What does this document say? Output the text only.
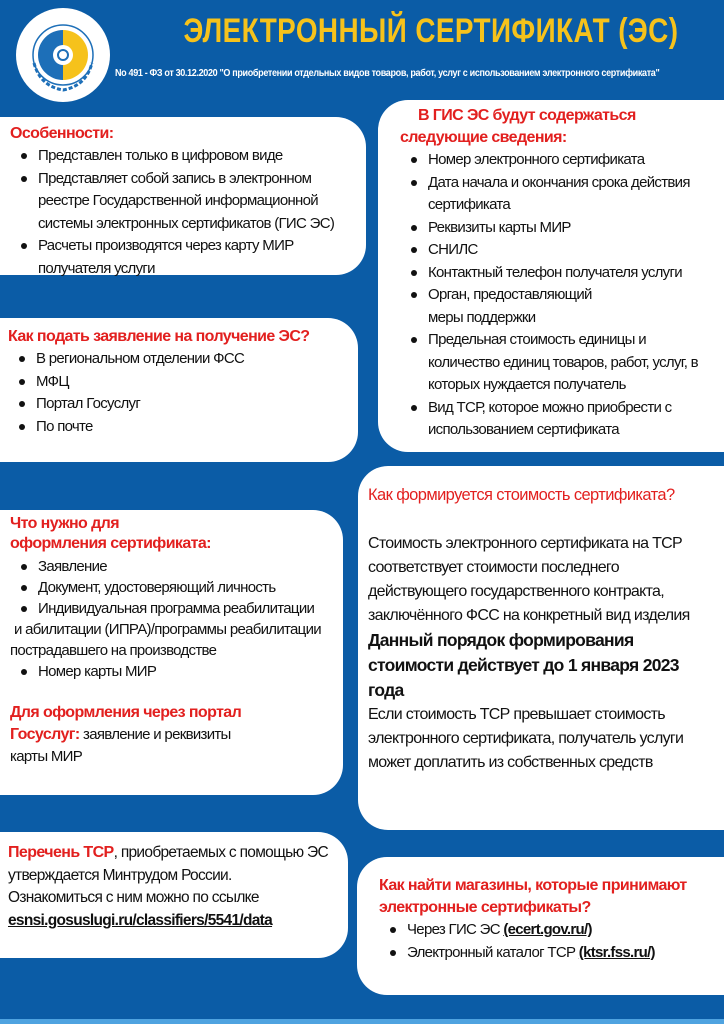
ЭЛЕКТРОННЫЙ СЕРТИФИКАТ (ЭС)
No 491 - ФЗ от 30.12.2020 "О приобретении отдельных видов товаров, работ, услуг с использованием электронного сертификата"
Особенности:
Представлен только в цифровом виде
Представляет собой запись в электронном реестре Государственной информационной системы электронных сертификатов (ГИС ЭС)
Расчеты производятся через карту МИР получателя услуги
В ГИС ЭС будут содержаться
следующие сведения:
Номер электронного сертификата
Дата начала и окончания срока действия сертификата
Реквизиты карты МИР
СНИЛС
Контактный телефон получателя услуги
Орган, предоставляющий меры поддержки
Предельная стоимость единицы и количество единиц товаров, работ, услуг, в которых нуждается получатель
Вид ТСР, которое можно приобрести с использованием сертификата
Как подать заявление на получение ЭС?
В региональном отделении ФСС
МФЦ
Портал Госуслуг
По почте
Как формируется стоимость сертификата?
Стоимость электронного сертификата на ТСР соответствует стоимости последнего действующего государственного контракта, заключённого ФСС на конкретный вид изделия
Данный порядок формирования стоимости действует до 1 января 2023 года
Если стоимость ТСР превышает стоимость электронного сертификата, получатель услуги может доплатить из собственных средств
Что нужно для оформления сертификата:
Заявление
Документ, удостоверяющий личность
Индивидуальная программа реабилитации
и абилитации (ИПРА)/программы реабилитации пострадавшего на производстве
Номер карты МИР
Для оформления через портал Госуслуг: заявление и реквизиты карты МИР
Перечень ТСР, приобретаемых с помощью ЭС утверждается Минтрудом России. Ознакомиться с ним можно по ссылке esnsi.gosuslugi.ru/classifiers/5541/data
Как найти магазины, которые принимают электронные сертификаты?
Через ГИС ЭС (ecert.gov.ru/)
Электронный каталог ТСР (ktsr.fss.ru/)
